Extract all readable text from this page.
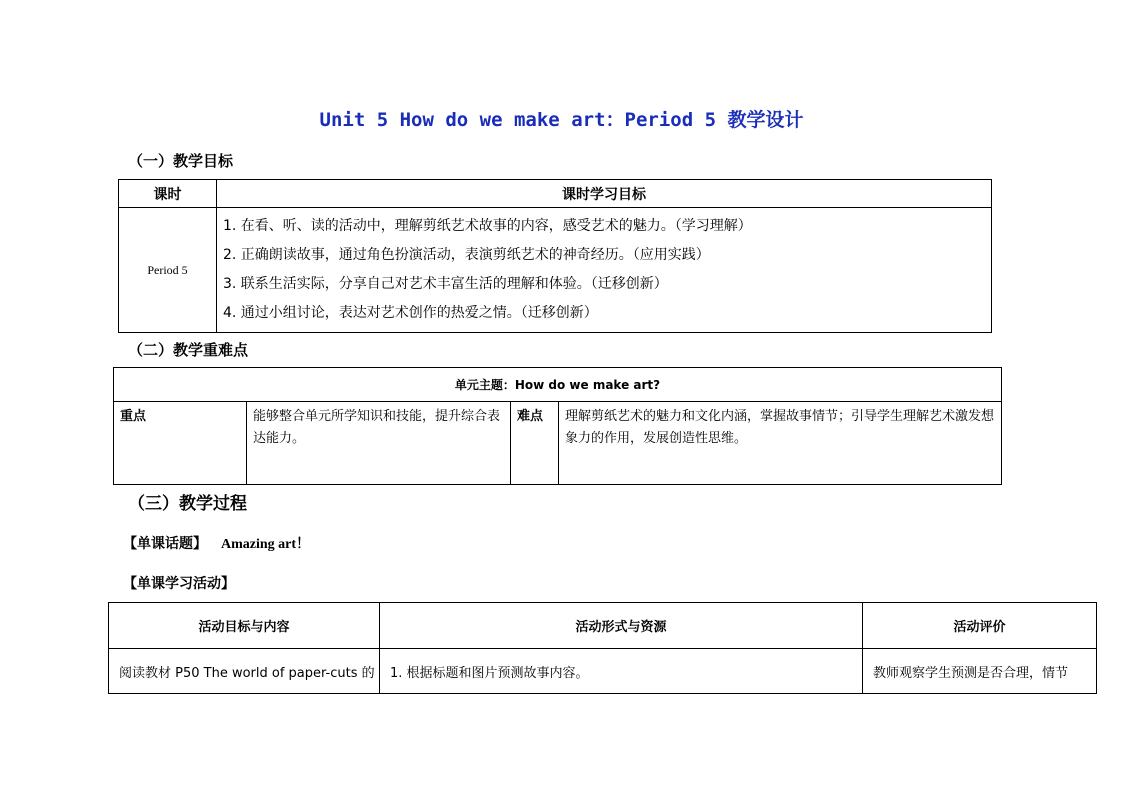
Unit 5 How do we make art：Period 5 教学设计
（一）教学目标
课时	课时学习目标
Period 5	1. 在看、听、读的活动中，理解剪纸艺术故事的内容，感受艺术的魅力。（学习理解）
2. 正确朗读故事，通过角色扮演活动，表演剪纸艺术的神奇经历。（应用实践）
3. 联系生活实际，分享自己对艺术丰富生活的理解和体验。（迁移创新）
4. 通过小组讨论，表达对艺术创作的热爱之情。（迁移创新）
（二）教学重难点
单元主题：How do we make art?
重点	能够整合单元所学知识和技能，提升综合表达能力。	难点	理解剪纸艺术的魅力和文化内涵，掌握故事情节；引导学生理解艺术激发想象力的作用，发展创造性思维。
（三）教学过程
【单课话题】 Amazing art！
【单课学习活动】
活动目标与内容	活动形式与资源	活动评价
阅读教材 P50 The world of paper-cuts 的	1. 根据标题和图片预测故事内容。	教师观察学生预测是否合理，情节
